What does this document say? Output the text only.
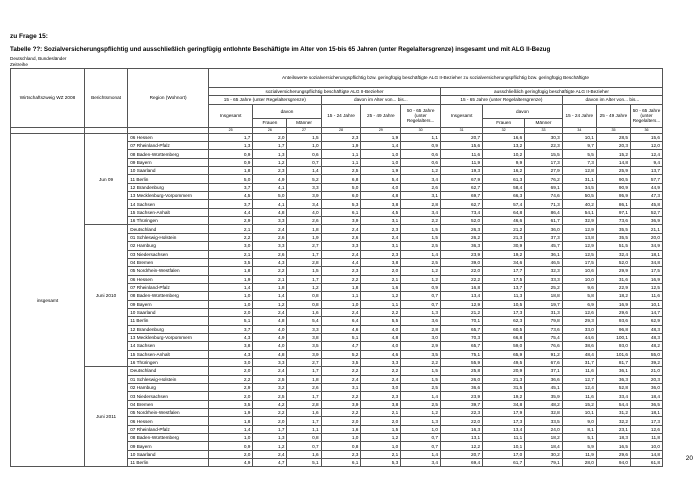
zu Frage 15:
Tabelle ??: Sozialversicherungspflichtig und ausschließlich geringfügig entlohnte Beschäftigte im Alter von 15-bis 65 Jahren (unter Regelaltersgrenze) insgesamt und mit ALG II-Bezug
Deutschland, Bundesländer
Zeitreihe
Wirtschaftszweig WZ 2008	Berichtsmonat	Region (Wohnort)	Anteilswerte sozialversicherungspflichtig bzw. geringfügig beschäftigte ALG II-Bezieher zu sozialversicherungspflichtig bzw. geringfügig Beschäftigte											
			sozialversicherungspflichtig beschäftigte ALG II-Bezieher						ausschließlich geringfügig beschäftigte ALG II-Bezieher					
			15 - 65 Jahre (unter Regelaltersgrenze)			davon im Alter von... bis...			15 - 65 Jahre (unter Regelaltersgrenze)			davon im Alter von... bis...		
						15 - 24 Jahre	25 - 49 Jahre	50 - 65 Jahre (unter Regelalters...				15 - 24 Jahre	25 - 49 Jahre	50 - 65 Jahre (unter Regelalters...
			Insgesamt	davon					Insgesamt	davon				
				Frauen	Männer					Frauen	Männer			
			25	26	27	28	29	30	31	32	33	34	35	36
insgesamt	Jun 09	06 Hessen	1,7	2,0	1,5	2,3	1,9	1,1	20,7	16,6	30,3	10,1	28,5	15,6
		07 Rheinland-Pfalz	1,3	1,7	1,0	1,9	1,4	0,9	15,6	13,2	22,3	9,7	20,3	12,0
		08 Baden-Württemberg	0,9	1,3	0,6	1,1	1,0	0,6	11,6	10,2	15,5	5,5	15,2	12,4
		09 Bayern	0,9	1,2	0,7	1,1	1,0	0,6	11,9	9,9	17,3	7,3	14,8	9,4
		10 Saarland	1,8	2,3	1,4	2,5	1,9	1,2	19,3	16,2	27,9	12,8	25,9	13,7
		11 Berlin	5,0	4,9	5,2	6,8	5,4	3,4	67,9	61,3	76,2	31,1	90,5	57,7
		12 Brandenburg	3,7	4,1	3,3	5,0	4,0	2,6	62,7	58,4	69,1	34,5	90,9	44,9
		13 Mecklenburg-Vorpommern	4,5	5,0	3,9	6,0	4,8	3,1	69,7	66,3	74,6	50,5	95,9	47,3
		14 Sachsen	3,7	4,1	3,4	5,3	3,8	2,8	62,7	57,4	71,3	40,2	86,1	45,8
		15 Sachsen-Anhalt	4,4	4,8	4,0	6,1	4,5	3,4	73,4	64,8	86,4	54,1	97,1	52,7
		16 Thüringen	2,9	3,3	2,6	3,9	3,1	2,2	52,0	46,6	61,7	32,9	73,6	36,9
	Juni 2010	Deutschland	2,1	2,4	1,8	2,4	2,3	1,5	26,3	21,2	36,0	12,9	35,5	21,1
		01 Schleswig-Holstein	2,2	2,6	1,9	2,6	2,4	1,5	26,2	21,3	37,3	13,8	35,5	20,0
		02 Hamburg	3,0	3,3	2,7	3,3	3,1	2,5	36,3	30,9	45,7	12,9	51,5	34,9
		03 Niedersachsen	2,1	2,6	1,7	2,4	2,3	1,4	23,9	19,2	36,1	12,5	32,4	18,1
		04 Bremen	3,5	4,3	2,8	4,4	3,8	2,5	39,0	34,6	46,5	17,5	52,0	34,8
		05 Nordrhein-Westfalen	1,8	2,2	1,5	2,3	2,0	1,2	22,0	17,7	32,3	10,6	29,9	17,5
		06 Hessen	1,9	2,1	1,7	2,2	2,1	1,2	22,2	17,5	33,3	10,0	31,6	16,9
		07 Rheinland-Pfalz	1,4	1,8	1,2	1,8	1,6	0,9	16,8	13,7	25,2	9,6	22,9	12,5
		08 Baden-Württemberg	1,0	1,4	0,8	1,1	1,2	0,7	13,4	11,3	18,8	5,8	18,2	11,6
		09 Bayern	1,0	1,2	0,8	1,0	1,1	0,7	12,9	10,5	19,7	6,9	16,9	10,1
		10 Saarland	2,0	2,4	1,6	2,4	2,2	1,3	21,2	17,3	31,3	12,6	29,6	14,7
		11 Berlin	5,1	4,8	5,4	6,4	5,5	3,6	70,1	62,3	79,8	29,3	93,6	62,9
		12 Brandenburg	3,7	4,0	3,3	4,6	4,0	2,8	65,7	60,5	73,6	33,0	96,8	48,3
		13 Mecklenburg-Vorpommern	4,3	4,9	3,8	5,1	4,8	3,0	70,3	66,8	75,4	44,6	100,1	48,3
		14 Sachsen	3,8	4,0	3,5	4,7	4,0	2,9	65,7	59,0	76,6	38,6	93,0	48,2
		15 Sachsen-Anhalt	4,3	4,8	3,9	5,2	4,6	3,5	75,1	65,9	91,2	48,4	101,6	55,0
		16 Thüringen	3,0	3,3	2,7	3,5	3,3	2,2	55,9	49,5	67,6	31,7	81,7	39,2
	Juni 2011	Deutschland	2,0	2,4	1,7	2,2	2,2	1,5	25,8	20,9	37,1	11,6	36,1	21,0
		01 Schleswig-Holstein	2,2	2,5	1,8	2,4	2,4	1,5	26,0	21,3	36,6	12,7	36,3	20,3
		02 Hamburg	2,9	3,2	2,6	3,1	3,0	2,5	36,6	31,5	45,1	12,4	52,8	36,0
		03 Niedersachsen	2,0	2,5	1,7	2,2	2,3	1,4	23,9	19,2	35,9	11,6	33,4	18,4
		04 Bremen	3,5	4,2	2,8	3,9	3,8	2,5	39,7	34,8	48,2	15,2	54,4	36,5
		05 Nordrhein-Westfalen	1,9	2,2	1,6	2,2	2,1	1,2	22,3	17,9	32,8	10,1	31,2	18,1
		06 Hessen	1,8	2,0	1,7	2,0	2,0	1,3	22,0	17,3	33,5	9,0	32,2	17,3
		07 Rheinland-Pfalz	1,4	1,7	1,1	1,6	1,5	1,0	16,3	13,4	24,0	8,1	23,1	12,6
		08 Baden-Württemberg	1,0	1,3	0,8	1,0	1,2	0,7	13,1	11,1	18,2	5,1	18,3	11,8
		09 Bayern	0,9	1,2	0,7	0,8	1,0	0,7	12,2	10,1	18,4	5,9	16,5	10,0
		10 Saarland	2,0	2,4	1,6	2,3	2,1	1,4	20,7	17,0	30,2	11,9	29,6	14,8
		11 Berlin	4,9	4,7	5,1	6,1	5,3	3,4	69,4	61,7	79,1	28,0	94,0	61,8
20
